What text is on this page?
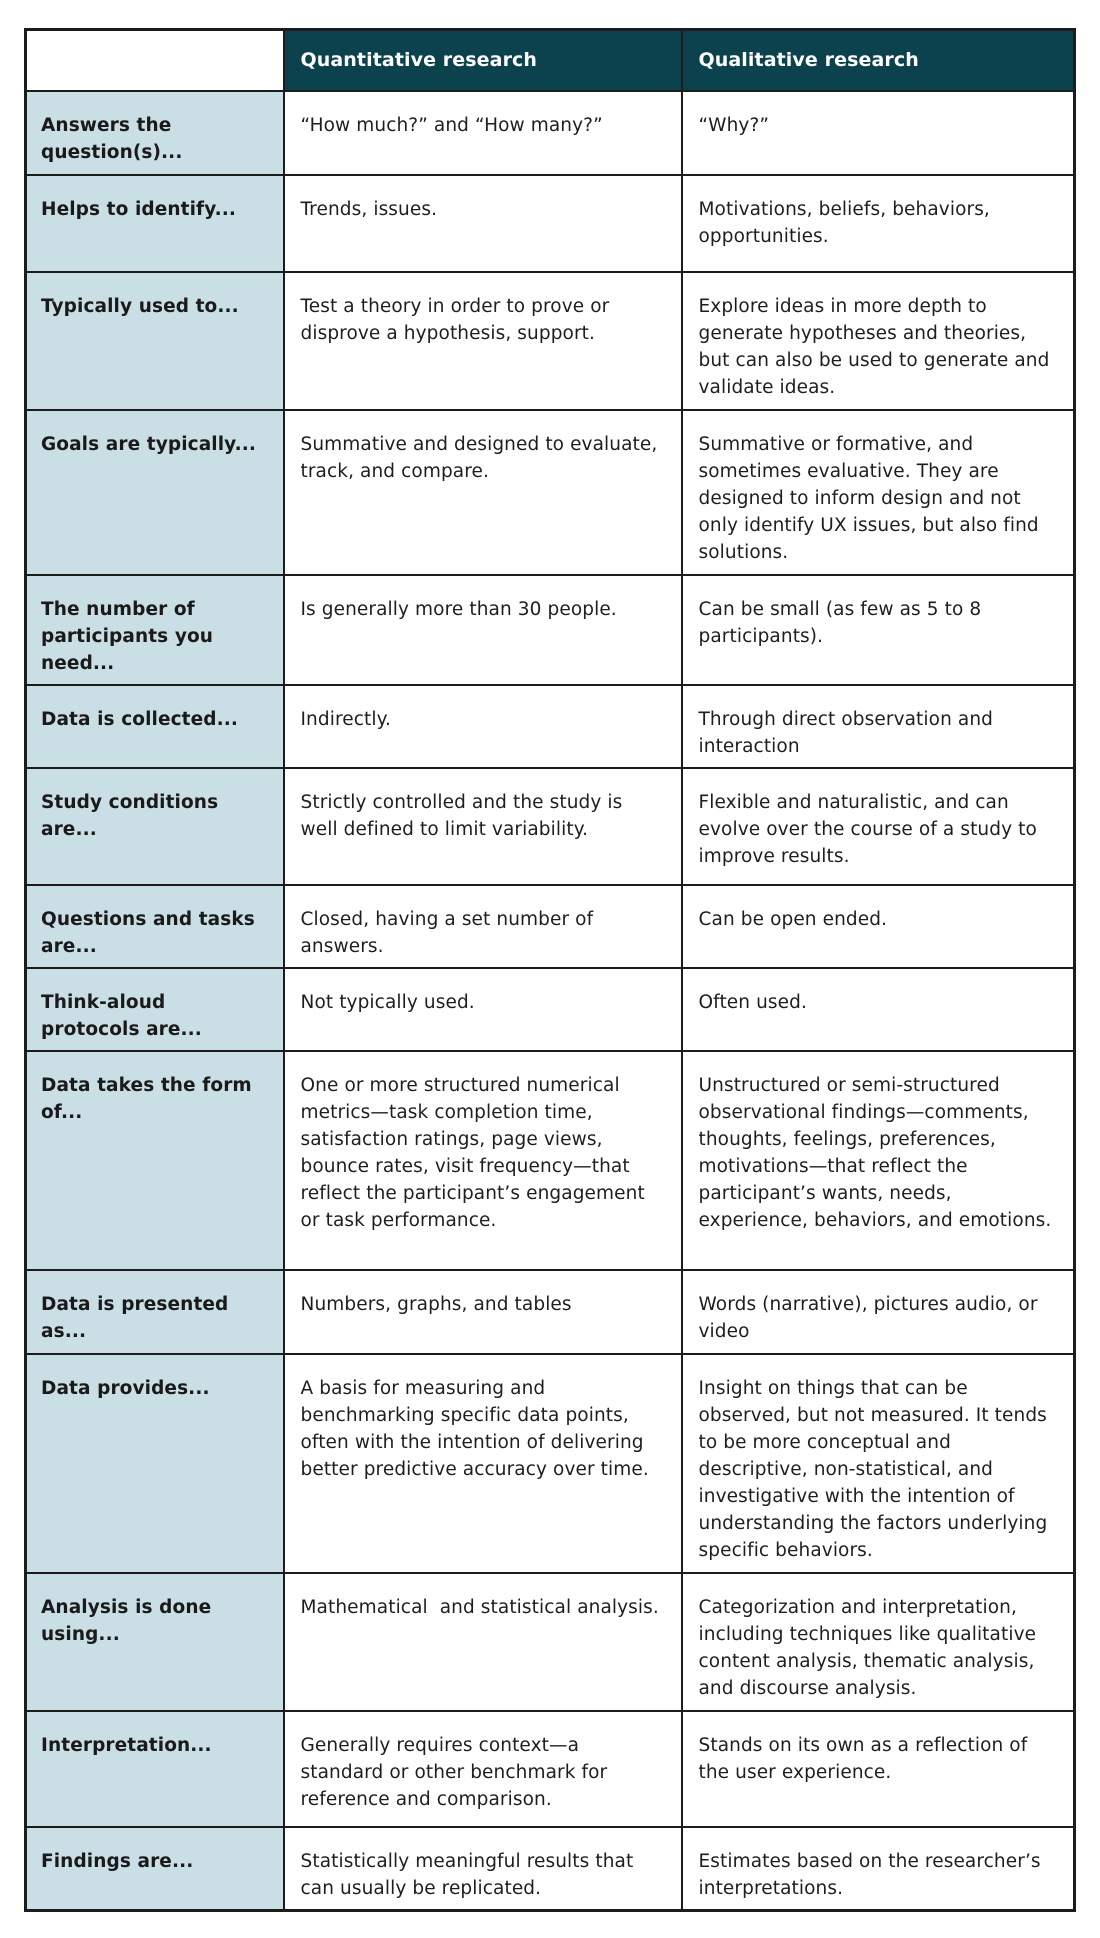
	Quantitative research	Qualitative research
Answers the question(s)...	“How much?” and “How many?”	“Why?”
Helps to identify...	Trends, issues.	Motivations, beliefs, behaviors, opportunities.
Typically used to...	Test a theory in order to prove or disprove a hypothesis, support.	Explore ideas in more depth to generate hypotheses and theories, but can also be used to generate and validate ideas.
Goals are typically...	Summative and designed to evaluate, track, and compare.	Summative or formative, and sometimes evaluative. They are designed to inform design and not only identify UX issues, but also find solutions.
The number of participants you need...	Is generally more than 30 people.	Can be small (as few as 5 to 8 participants).
Data is collected...	Indirectly.	Through direct observation and interaction
Study conditions are...	Strictly controlled and the study is well defined to limit variability.	Flexible and naturalistic, and can evolve over the course of a study to improve results.
Questions and tasks are...	Closed, having a set number of answers.	Can be open ended.
Think-aloud protocols are...	Not typically used.	Often used.
Data takes the form of...	One or more structured numerical metrics—task completion time, satisfaction ratings, page views, bounce rates, visit frequency—that reflect the participant’s engagement or task performance.	Unstructured or semi-structured observational findings—comments, thoughts, feelings, preferences, motivations—that reflect the participant’s wants, needs, experience, behaviors, and emotions.
Data is presented as...	Numbers, graphs, and tables	Words (narrative), pictures audio, or video
Data provides...	A basis for measuring and benchmarking specific data points, often with the intention of delivering better predictive accuracy over time.	Insight on things that can be observed, but not measured. It tends to be more conceptual and descriptive, non-statistical, and investigative with the intention of understanding the factors underlying specific behaviors.
Analysis is done using...	Mathematical  and statistical analysis.	Categorization and interpretation, including techniques like qualitative content analysis, thematic analysis, and discourse analysis.
Interpretation...	Generally requires context—a standard or other benchmark for reference and comparison.	Stands on its own as a reflection of the user experience.
Findings are...	Statistically meaningful results that can usually be replicated.	Estimates based on the researcher’s interpretations.
